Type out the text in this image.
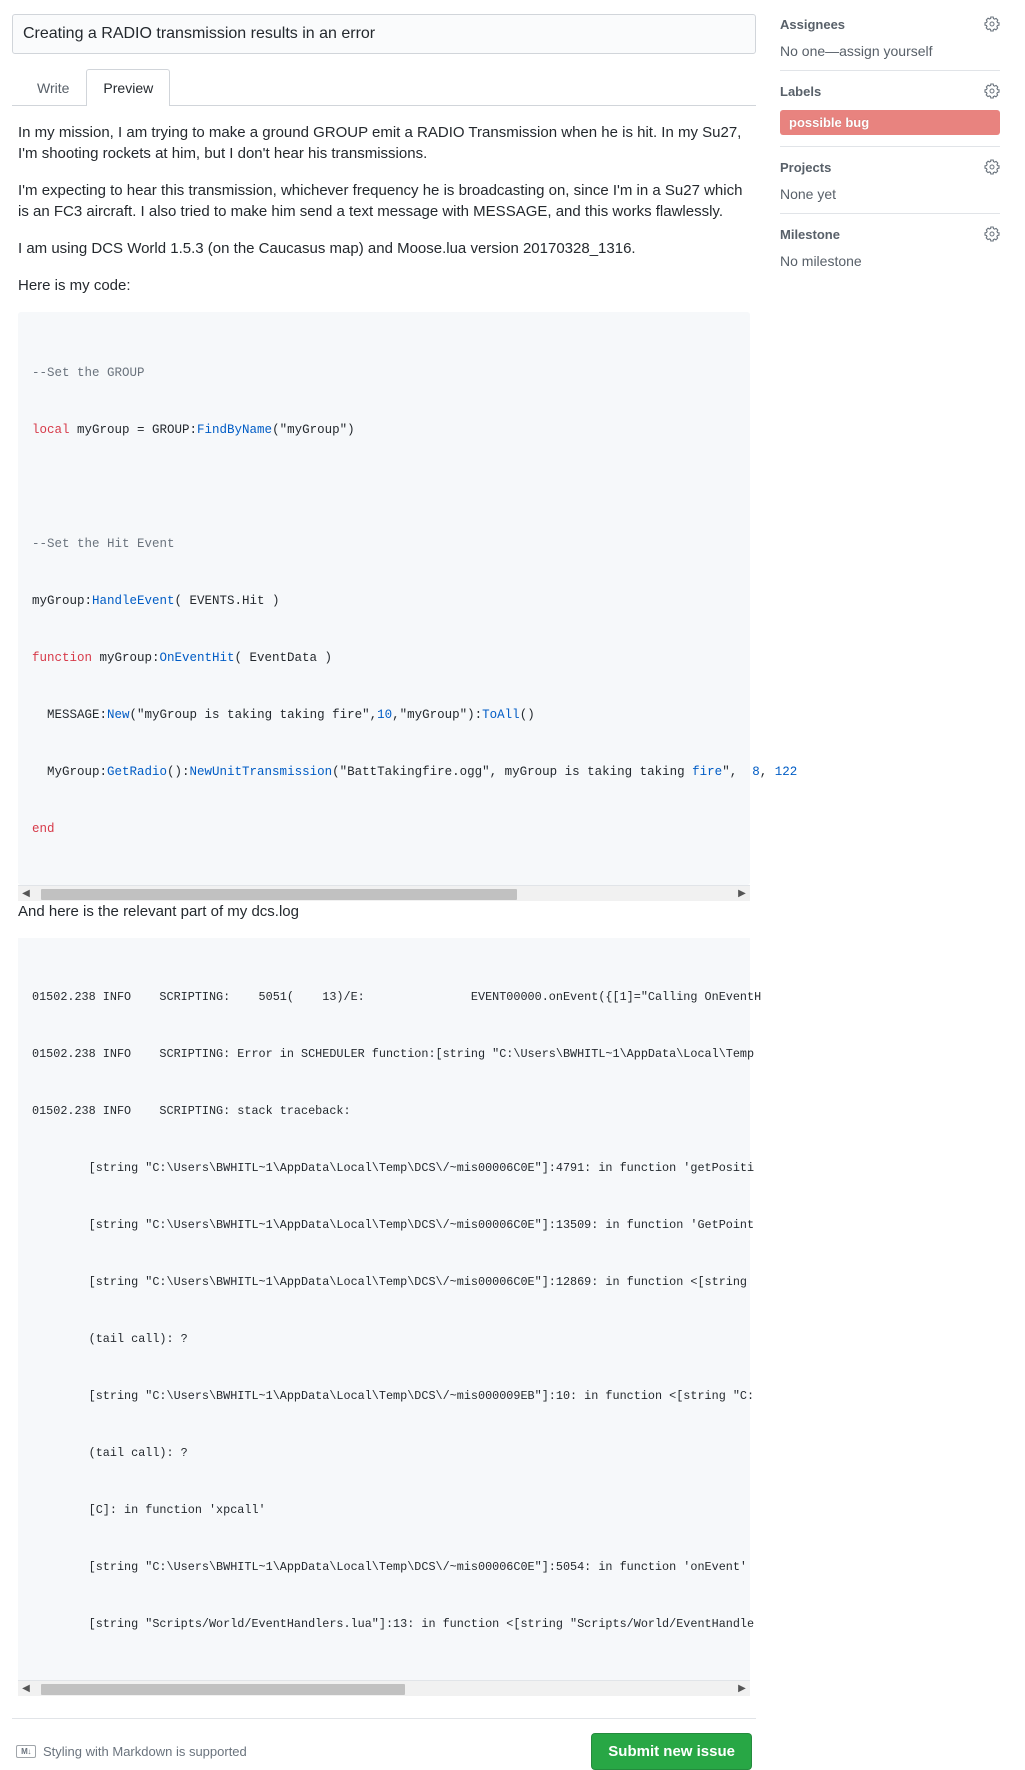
Creating a RADIO transmission results in an error
Write	Preview

In my mission, I am trying to make a ground GROUP emit a RADIO Transmission when he is hit. In my Su27, I'm shooting rockets at him, but I don't hear his transmissions.

I'm expecting to hear this transmission, whichever frequency he is broadcasting on, since I'm in a Su27 which is an FC3 aircraft. I also tried to make him send a text message with MESSAGE, and this works flawlessly.

I am using DCS World 1.5.3 (on the Caucasus map) and Moose.lua version 20170328_1316.

Here is my code:

--Set the GROUP

local myGroup = GROUP:FindByName("myGroup")

--Set the Hit Event

myGroup:HandleEvent( EVENTS.Hit )

function myGroup:OnEventHit( EventData )

MESSAGE:New("myGroup is taking taking fire",10,"myGroup"):ToAll()

MyGroup:GetRadio():NewUnitTransmission("BattTakingfire.ogg", myGroup is taking taking fire",  8, 122

end

◀	▶

And here is the relevant part of my dcs.log

01502.238 INFO    SCRIPTING:    5051(    13)/E:               EVENT00000.onEvent({[1]="Calling OnEventH

01502.238 INFO    SCRIPTING: Error in SCHEDULER function:[string "C:\Users\BWHITL~1\AppData\Local\Temp

01502.238 INFO    SCRIPTING: stack traceback:

[string "C:\Users\BWHITL~1\AppData\Local\Temp\DCS\/~mis00006C0E"]:4791: in function 'getPositi

[string "C:\Users\BWHITL~1\AppData\Local\Temp\DCS\/~mis00006C0E"]:13509: in function 'GetPoint

[string "C:\Users\BWHITL~1\AppData\Local\Temp\DCS\/~mis00006C0E"]:12869: in function <[string

(tail call): ?

[string "C:\Users\BWHITL~1\AppData\Local\Temp\DCS\/~mis000009EB"]:10: in function <[string "C:

(tail call): ?

[C]: in function 'xpcall'

[string "C:\Users\BWHITL~1\AppData\Local\Temp\DCS\/~mis00006C0E"]:5054: in function 'onEvent'

[string "Scripts/World/EventHandlers.lua"]:13: in function <[string "Scripts/World/EventHandle

◀	▶
M↓ Styling with Markdown is supported	Submit new issue
Assignees
No one—assign yourself
Labels
possible bug
Projects
None yet
Milestone
No milestone
